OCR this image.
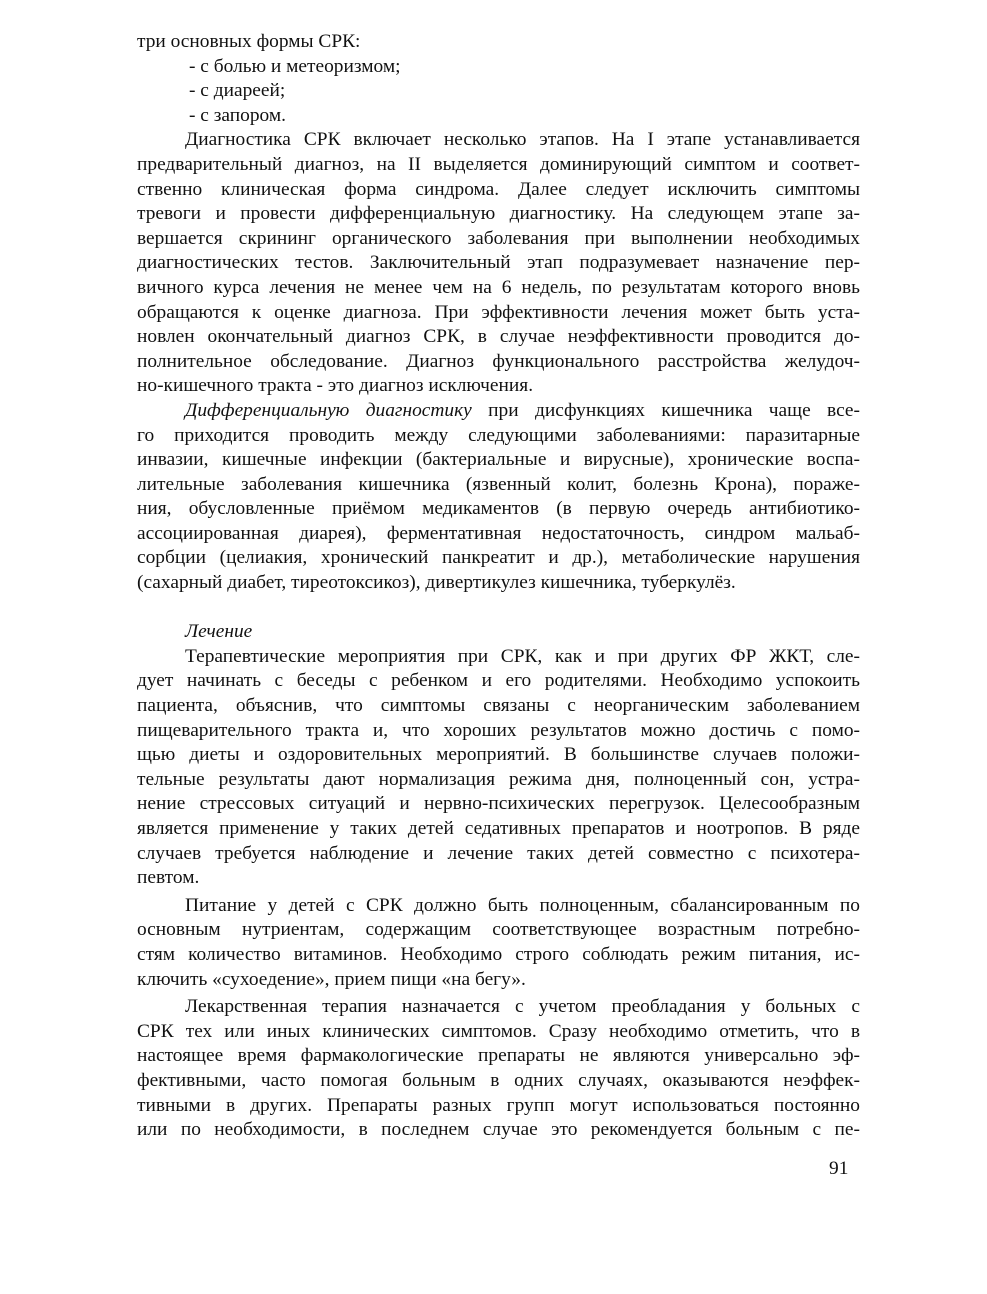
три основных формы СРК:
- с болью и метеоризмом;
- с диареей;
- с запором.
Диагностика СРК включает несколько этапов. На I этапе устанавливается
предварительный диагноз, на II выделяется доминирующий симптом и соответ-
ственно клиническая форма синдрома. Далее следует исключить симптомы
тревоги и провести дифференциальную диагностику. На следующем этапе за-
вершается скрининг органического заболевания при выполнении необходимых
диагностических тестов. Заключительный этап подразумевает назначение пер-
вичного курса лечения не менее чем на 6 недель, по результатам которого вновь
обращаются к оценке диагноза. При эффективности лечения может быть уста-
новлен окончательный диагноз СРК, в случае неэффективности проводится до-
полнительное обследование. Диагноз функционального расстройства желудоч-
но-кишечного тракта - это диагноз исключения.
Дифференциальную диагностику при дисфункциях кишечника чаще все-
го приходится проводить между следующими заболеваниями: паразитарные
инвазии, кишечные инфекции (бактериальные и вирусные), хронические воспа-
лительные заболевания кишечника (язвенный колит, болезнь Крона), пораже-
ния, обусловленные приёмом медикаментов (в первую очередь антибиотико-
ассоциированная диарея), ферментативная недостаточность, синдром мальаб-
сорбции (целиакия, хронический панкреатит и др.), метаболические нарушения
(сахарный диабет, тиреотоксикоз), дивертикулез кишечника, туберкулёз.
Лечение
Терапевтические мероприятия при СРК, как и при других ФР ЖКТ, сле-
дует начинать с беседы с ребенком и его родителями. Необходимо успокоить
пациента, объяснив, что симптомы связаны с неорганическим заболеванием
пищеварительного тракта и, что хороших результатов можно достичь с помо-
щью диеты и оздоровительных мероприятий. В большинстве случаев положи-
тельные результаты дают нормализация режима дня, полноценный сон, устра-
нение стрессовых ситуаций и нервно-психических перегрузок. Целесообразным
является применение у таких детей седативных препаратов и ноотропов. В ряде
случаев требуется наблюдение и лечение таких детей совместно с психотера-
певтом.
Питание у детей с СРК должно быть полноценным, сбалансированным по
основным нутриентам, содержащим соответствующее возрастным потребно-
стям количество витаминов. Необходимо строго соблюдать режим питания, ис-
ключить «сухоедение», прием пищи «на бегу».
Лекарственная терапия назначается с учетом преобладания у больных с
СРК тех или иных клинических симптомов. Сразу необходимо отметить, что в
настоящее время фармакологические препараты не являются универсально эф-
фективными, часто помогая больным в одних случаях, оказываются неэффек-
тивными в других. Препараты разных групп могут использоваться постоянно
или по необходимости, в последнем случае это рекомендуется больным с пе-
91
